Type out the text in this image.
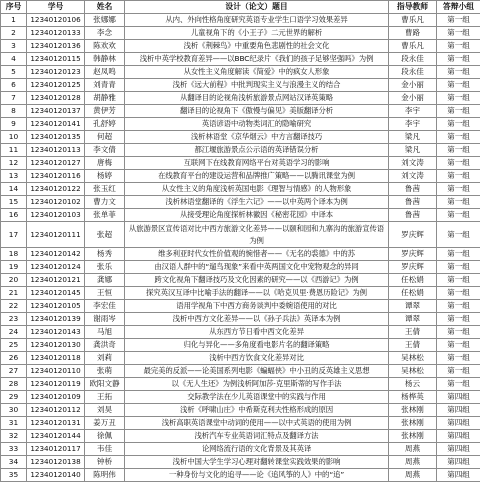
序号	学号	姓名	设计（论文）题目	指导教师	答辩小组
1	12340120106	张娜娜	从内、外向性格角度研究英语专业学生口语学习效果差异	曹乐凡	第一组
2	12340120133	李念	儿童视角下的《小王子》二元世界的解析	曹路	第一组
3	12340120136	陈欢欢	浅析《荆棘鸟》中重要角色悲剧性的社会文化	曹乐凡	第一组
4	12340120115	韩静林	浅析中英学校教育差异——以BBC纪录片《我们的孩子足够坚强吗》为例	段永佳	第一组
5	12340120123	赵凤鸣	从女性主义角度解读《简爱》中的疯女人形象	段永佳	第一组
6	12340120125	刘青青	浅析《远大前程》中批判现实主义与浪漫主义的结合	金小丽	第一组
7	12340120128	胡静雅	从翻译目的论视角浅析旅游景点网站汉译英策略	金小丽	第一组
8	12340120137	黄伊芳	翻译目的论视角下《傲慢与偏见》美版翻译分析	李宇	第一组
9	12340120141	孔舒婷	英语谚语中动物类词汇的隐喻研究	李宇	第一组
10	12340120135	何超	浅析林语堂《京华烟云》中方言翻译技巧	梁凡	第一组
11	12340120113	李文倩	都江堰旅游景点公示语的英译错误分析	梁凡	第一组
12	12340120127	唐梅	互联网下在线教育网络平台对英语学习的影响	刘文涛	第一组
13	12340120116	杨婷	在线教育平台的建设运营和品牌推广策略——以腾讯课堂为例	刘文涛	第一组
14	12340120122	张玉红	从女性主义的角度浅析英国电影《理智与情感》的人物形象	鲁茜	第一组
15	12340120102	曹力文	浅析林语堂翻译的《浮生六记》——以中英两个译本为例	鲁茜	第一组
16	12340120103	张单菲	从接受理论角度探析林徽因《秘密花园》中译本	鲁茜	第一组
17	12340120111	张超	从旅游景区宣传语对比中西方旅游文化差异——以颐和园和九寨沟的旅游宣传语为例	罗庆辉	第一组
18	12340120142	杨秀	维多利亚时代女性价值观的惋惜者——《无名的裘德》中的苏	罗庆辉	第一组
19	12340120124	张乐	由汉语人群中的“遛鸟现象”来看中英两国文化中宠物观念的异同	罗庆辉	第一组
20	12340120121	龚娜	跨文化视角下翻译技巧及文化因素的研究——以《西游记》为例	任松娟	第一组
21	12340120145	王恒	探究英汉互译中比喻手法的翻译——以《哈克贝里·费恩历险记》为例	任松娟	第一组
22	12340120105	李宏佳	语用学视角下中西方商务谈判中委婉语使用的对比	谭翠	第一组
23	12340120139	谢雨岑	浅析中西方文化差异——以《孙子兵法》英译本为例	谭翠	第一组
24	12340120143	马旭	从东西方节日看中西文化差异	王倩	第一组
25	12340120130	龚洪奇	归化与异化——多角度看电影片名的翻译策略	王倩	第一组
26	12340120118	刘莉	浅析中西方饮食文化差异对比	吴林松	第一组
27	12340120110	张萌	最完美的反派——论美国系列电影《蝙蝠侠》中小丑的反英雄主义思想	吴林松	第一组
28	12340120119	欧阳文静	以《无人生还》为例浅析阿加莎·克里斯蒂的写作手法	杨云	第一组
29	12340120109	王拓	交际教学法在少儿英语课堂中的实践与作用	杨桦英	第四组
30	12340120112	刘昊	浅析《呼啸山庄》中希斯克利夫性格形成的原因	张林刚	第四组
31	12340120131	姜万丑	浅析高职英语课堂中动词的使用——以中式英语的使用为例	张林刚	第四组
32	12340120144	徐佩	浅析汽车专业英语词汇特点及翻译方法	张林刚	第四组
33	12340120117	韦佳	论网络流行语的文化背景及其英译	周燕	第四组
34	12340120138	钟桥	浅析中国大学生学习心理对翻转课堂实践效果的影响	周燕	第四组
35	12340120140	陈明伟	一种身份与文化的追寻——论《追风筝的人》中的“追”	周燕	第四组
